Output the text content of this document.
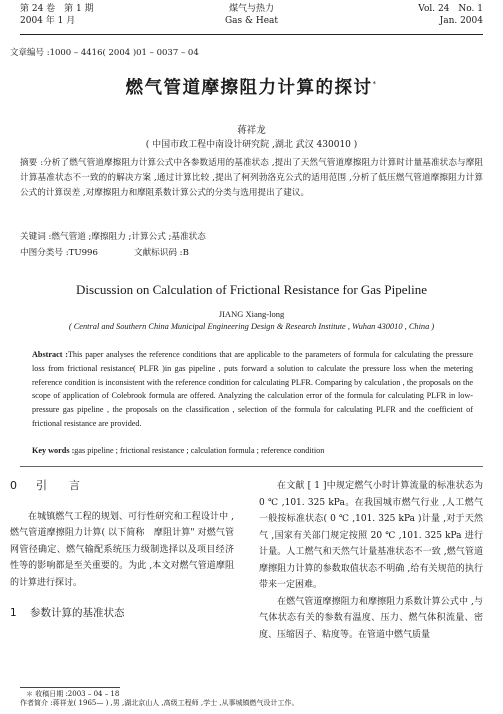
第 24 卷　第 1 期
2004 年 1 月
煤气与热力
Gas & Heat
Vol. 24　No. 1
Jan. 2004
文章编号 :1000 – 4416( 2004 )01 – 0037 – 04
燃气管道摩擦阻力计算的探讨*
蒋祥龙
( 中国市政工程中南设计研究院 ,湖北 武汉 430010 )
摘要 :分析了燃气管道摩擦阻力计算公式中各参数适用的基准状态 ,提出了天然气管道摩擦阻力计算时计量基准状态与摩阻计算基准状态不一致的的解决方案 ,通过计算比较 ,提出了柯列勃洛克公式的适用范围 ,分析了低压燃气管道摩擦阻力计算公式的计算误差 ,对摩擦阻力和摩阻系数计算公式的分类与选用提出了建议。
关键词 :燃气管道 ;摩擦阻力 ;计算公式 ;基准状态
中图分类号 :TU996	文献标识码 :B
Discussion on Calculation of Frictional Resistance for Gas Pipeline
JIANG Xiang-long
( Central and Southern China Municipal Engineering Design & Research Institute , Wuhan 430010 , China )
Abstract :This paper analyses the reference conditions that are applicable to the parameters of formula for calculating the pressure loss from frictional resistance( PLFR )in gas pipeline , puts forward a solution to calculate the pressure loss when the metering reference condition is inconsistent with the reference condition for calculating PLFR. Comparing by calculation , the proposals on the scope of application of Colebrook formula are offered. Analyzing the calculation error of the formula for calculating PLFR in low-pressure gas pipeline , the proposals on the classification , selection of the formula for calculating PLFR and the coefficient of frictional resistance are provided.
Key words :gas pipeline ; frictional resistance ; calculation formula ; reference condition
0 引　　言

在城镇燃气工程的规划、可行性研究和工程设计中 ,燃气管道摩擦阻力计算( 以下简称　摩阻计算" 对燃气管网管径确定、燃气输配系统压力级制选择以及项目经济性等的影响都是至关重要的。为此 ,本文对燃气管道摩阻的计算进行探讨。

1 参数计算的基准状态

在文献 [ 1 ]中规定燃气小时计算流量的标准状态为 0 ℃ ,101. 325 kPa。在我国城市燃气行业 ,人工燃气一般按标准状态( 0 ℃ ,101. 325 kPa )计量 ,对于天然气 ,国家有关部门规定按照 20 ℃ ,101. 325 kPa 进行计量。人工燃气和天然气计量基准状态不一致 ,燃气管道摩擦阻力计算的参数取值状态不明确 ,给有关规范的执行带来一定困难。

在燃气管道摩擦阻力和摩擦阻力系数计算公式中 ,与气体状态有关的参数有温度、压力、燃气体积流量、密度、压缩因子、粘度等。在管道中燃气质量

＊ 收稿日期 :2003 – 04 – 18
作者简介 :蒋祥龙( 1965— ) ,男 ,湖北京山人 ,高级工程师 ,学士 ,从事城镇燃气设计工作。
